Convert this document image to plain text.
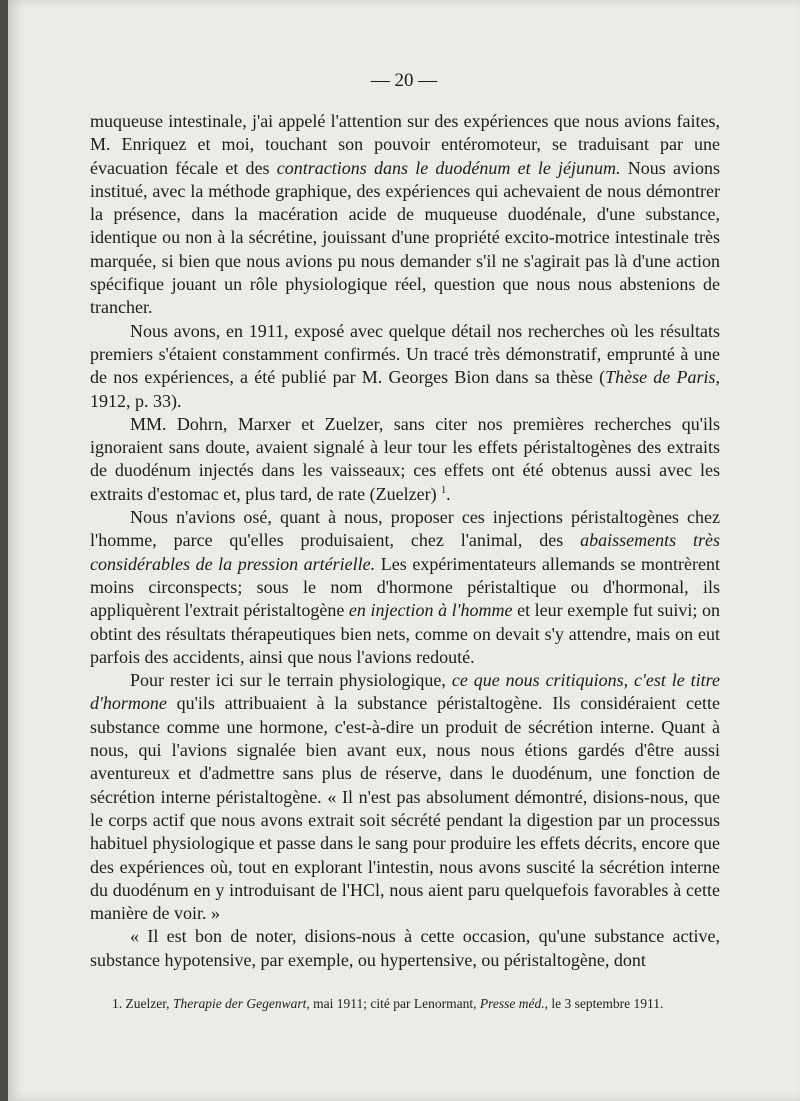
— 20 —

muqueuse intestinale, j'ai appelé l'attention sur des expériences que nous avions faites, M. Enriquez et moi, touchant son pouvoir entéromoteur, se traduisant par une évacuation fécale et des contractions dans le duodénum et le jéjunum. Nous avions institué, avec la méthode graphique, des expériences qui achevaient de nous démontrer la présence, dans la macération acide de muqueuse duodénale, d'une substance, identique ou non à la sécrétine, jouissant d'une propriété excito-motrice intestinale très marquée, si bien que nous avions pu nous demander s'il ne s'agirait pas là d'une action spécifique jouant un rôle physiologique réel, question que nous nous abstenions de trancher.

Nous avons, en 1911, exposé avec quelque détail nos recherches où les résultats premiers s'étaient constamment confirmés. Un tracé très démonstratif, emprunté à une de nos expériences, a été publié par M. Georges Bion dans sa thèse (Thèse de Paris, 1912, p. 33).

MM. Dohrn, Marxer et Zuelzer, sans citer nos premières recherches qu'ils ignoraient sans doute, avaient signalé à leur tour les effets péristaltogènes des extraits de duodénum injectés dans les vaisseaux; ces effets ont été obtenus aussi avec les extraits d'estomac et, plus tard, de rate (Zuelzer) $^1$.

Nous n'avions osé, quant à nous, proposer ces injections péristaltogènes chez l'homme, parce qu'elles produisaient, chez l'animal, des abaissements très considérables de la pression artérielle. Les expérimentateurs allemands se montrèrent moins circonspects; sous le nom d'hormone péristaltique ou d'hormonal, ils appliquèrent l'extrait péristaltogène en injection à l'homme et leur exemple fut suivi; on obtint des résultats thérapeutiques bien nets, comme on devait s'y attendre, mais on eut parfois des accidents, ainsi que nous l'avions redouté.

Pour rester ici sur le terrain physiologique, ce que nous critiquions, c'est le titre d'hormone qu'ils attribuaient à la substance péristaltogène. Ils considéraient cette substance comme une hormone, c'est-à-dire un produit de sécrétion interne. Quant à nous, qui l'avions signalée bien avant eux, nous nous étions gardés d'être aussi aventureux et d'admettre sans plus de réserve, dans le duodénum, une fonction de sécrétion interne péristaltogène. « Il n'est pas absolument démontré, disions-nous, que le corps actif que nous avons extrait soit sécrété pendant la digestion par un processus habituel physiologique et passe dans le sang pour produire les effets décrits, encore que des expériences où, tout en explorant l'intestin, nous avons suscité la sécrétion interne du duodénum en y introduisant de l'HCl, nous aient paru quelquefois favorables à cette manière de voir. »

« Il est bon de noter, disions-nous à cette occasion, qu'une substance active, substance hypotensive, par exemple, ou hypertensive, ou péristaltogène, dont

1. Zuelzer, Therapie der Gegenwart, mai 1911; cité par Lenormant, Presse méd., le 3 septembre 1911.
